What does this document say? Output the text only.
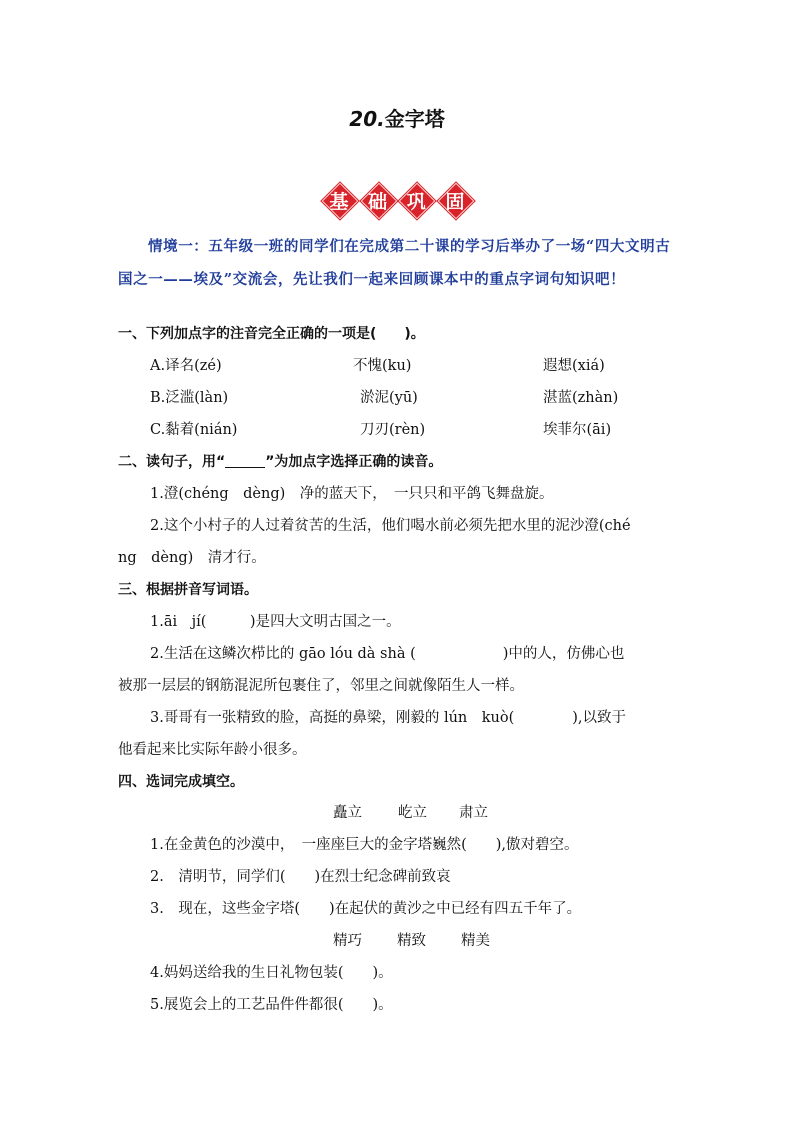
20.金字塔
基 础 巩 固
情境一：五年级一班的同学们在完成第二十课的学习后举办了一场“四大文明古国之一——埃及”交流会，先让我们一起来回顾课本中的重点字词句知识吧！
一、下列加点字的注音完全正确的一项是(　　)。
A.译名(zé)	不愧(ku)	遐想(xiá)
B.泛滥(làn)	淤泥(yū)	湛蓝(zhàn)
C.黏着(nián)	刀刃(rèn)	埃菲尔(āi)
二、读句子，用“	”为加点字选择正确的读音。
1.澄(chéng　dèng)　净的蓝天下，　一只只和平鸽飞舞盘旋。
2.这个小村子的人过着贫苦的生活，他们喝水前必须先把水里的泥沙澄(ché
ng　dèng)　清才行。
三、根据拼音写词语。
1.āi　jí(　　　)是四大文明古国之一。
2.生活在这鳞次栉比的 gāo lóu dà shà (　　　　　　)中的人，仿佛心也
被那一层层的钢筋混泥所包裹住了，邻里之间就像陌生人一样。
3.哥哥有一张精致的脸，高挺的鼻梁，刚毅的 lún　kuò(　　　　),以致于
他看起来比实际年龄小很多。
四、选词完成填空。
矗立 屹立 肃立
1.在金黄色的沙漠中，　一座座巨大的金字塔巍然(　　),傲对碧空。
2.　清明节，同学们(　　)在烈士纪念碑前致哀
3.　现在，这些金字塔(　　)在起伏的黄沙之中已经有四五千年了。
精巧 精致 精美
4.妈妈送给我的生日礼物包装(　　)。
5.展览会上的工艺品件件都很(　　)。
